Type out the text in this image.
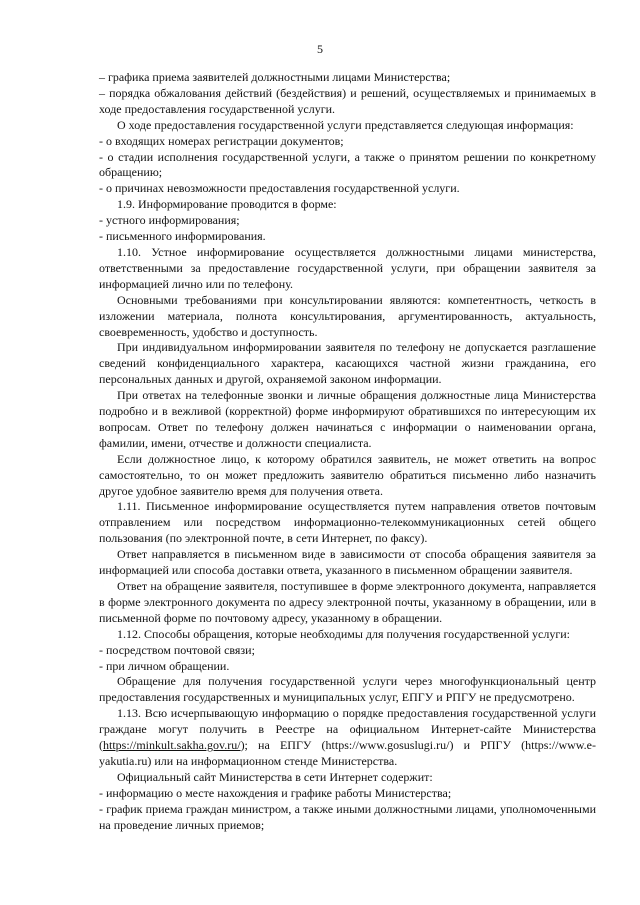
5

– графика приема заявителей должностными лицами Министерства;

– порядка обжалования действий (бездействия) и решений, осуществляемых и принимаемых в ходе предоставления государственной услуги.

О ходе предоставления государственной услуги представляется следующая информация:

- о входящих номерах регистрации документов;

- о стадии исполнения государственной услуги, а также о принятом решении по конкретному обращению;

- о причинах невозможности предоставления государственной услуги.

1.9. Информирование проводится в форме:

- устного информирования;

- письменного информирования.

1.10. Устное информирование осуществляется должностными лицами министерства, ответственными за предоставление государственной услуги, при обращении заявителя за информацией лично или по телефону.

Основными требованиями при консультировании являются: компетентность, четкость в изложении материала, полнота консультирования, аргументированность, актуальность, своевременность, удобство и доступность.

При индивидуальном информировании заявителя по телефону не допускается разглашение сведений конфиденциального характера, касающихся частной жизни гражданина, его персональных данных и другой, охраняемой законом информации.

При ответах на телефонные звонки и личные обращения должностные лица Министерства подробно и в вежливой (корректной) форме информируют обратившихся по интересующим их вопросам. Ответ по телефону должен начинаться с информации о наименовании органа, фамилии, имени, отчестве и должности специалиста.

Если должностное лицо, к которому обратился заявитель, не может ответить на вопрос самостоятельно, то он может предложить заявителю обратиться письменно либо назначить другое удобное заявителю время для получения ответа.

1.11. Письменное информирование осуществляется путем направления ответов почтовым отправлением или посредством информационно-телекоммуникационных сетей общего пользования (по электронной почте, в сети Интернет, по факсу).

Ответ направляется в письменном виде в зависимости от способа обращения заявителя за информацией или способа доставки ответа, указанного в письменном обращении заявителя.

Ответ на обращение заявителя, поступившее в форме электронного документа, направляется в форме электронного документа по адресу электронной почты, указанному в обращении, или в письменной форме по почтовому адресу, указанному в обращении.

1.12. Способы обращения, которые необходимы для получения государственной услуги:

- посредством почтовой связи;

- при личном обращении.

Обращение для получения государственной услуги через многофункциональный центр предоставления государственных и муниципальных услуг, ЕПГУ и РПГУ не предусмотрено.

1.13. Всю исчерпывающую информацию о порядке предоставления государственной услуги граждане могут получить в Реестре на официальном Интернет-сайте Министерства (https://minkult.sakha.gov.ru/); на ЕПГУ (https://www.gosuslugi.ru/) и РПГУ (https://www.e-yakutia.ru) или на информационном стенде Министерства.

Официальный сайт Министерства в сети Интернет содержит:

- информацию о месте нахождения и графике работы Министерства;

- график приема граждан министром, а также иными должностными лицами, уполномоченными на проведение личных приемов;
